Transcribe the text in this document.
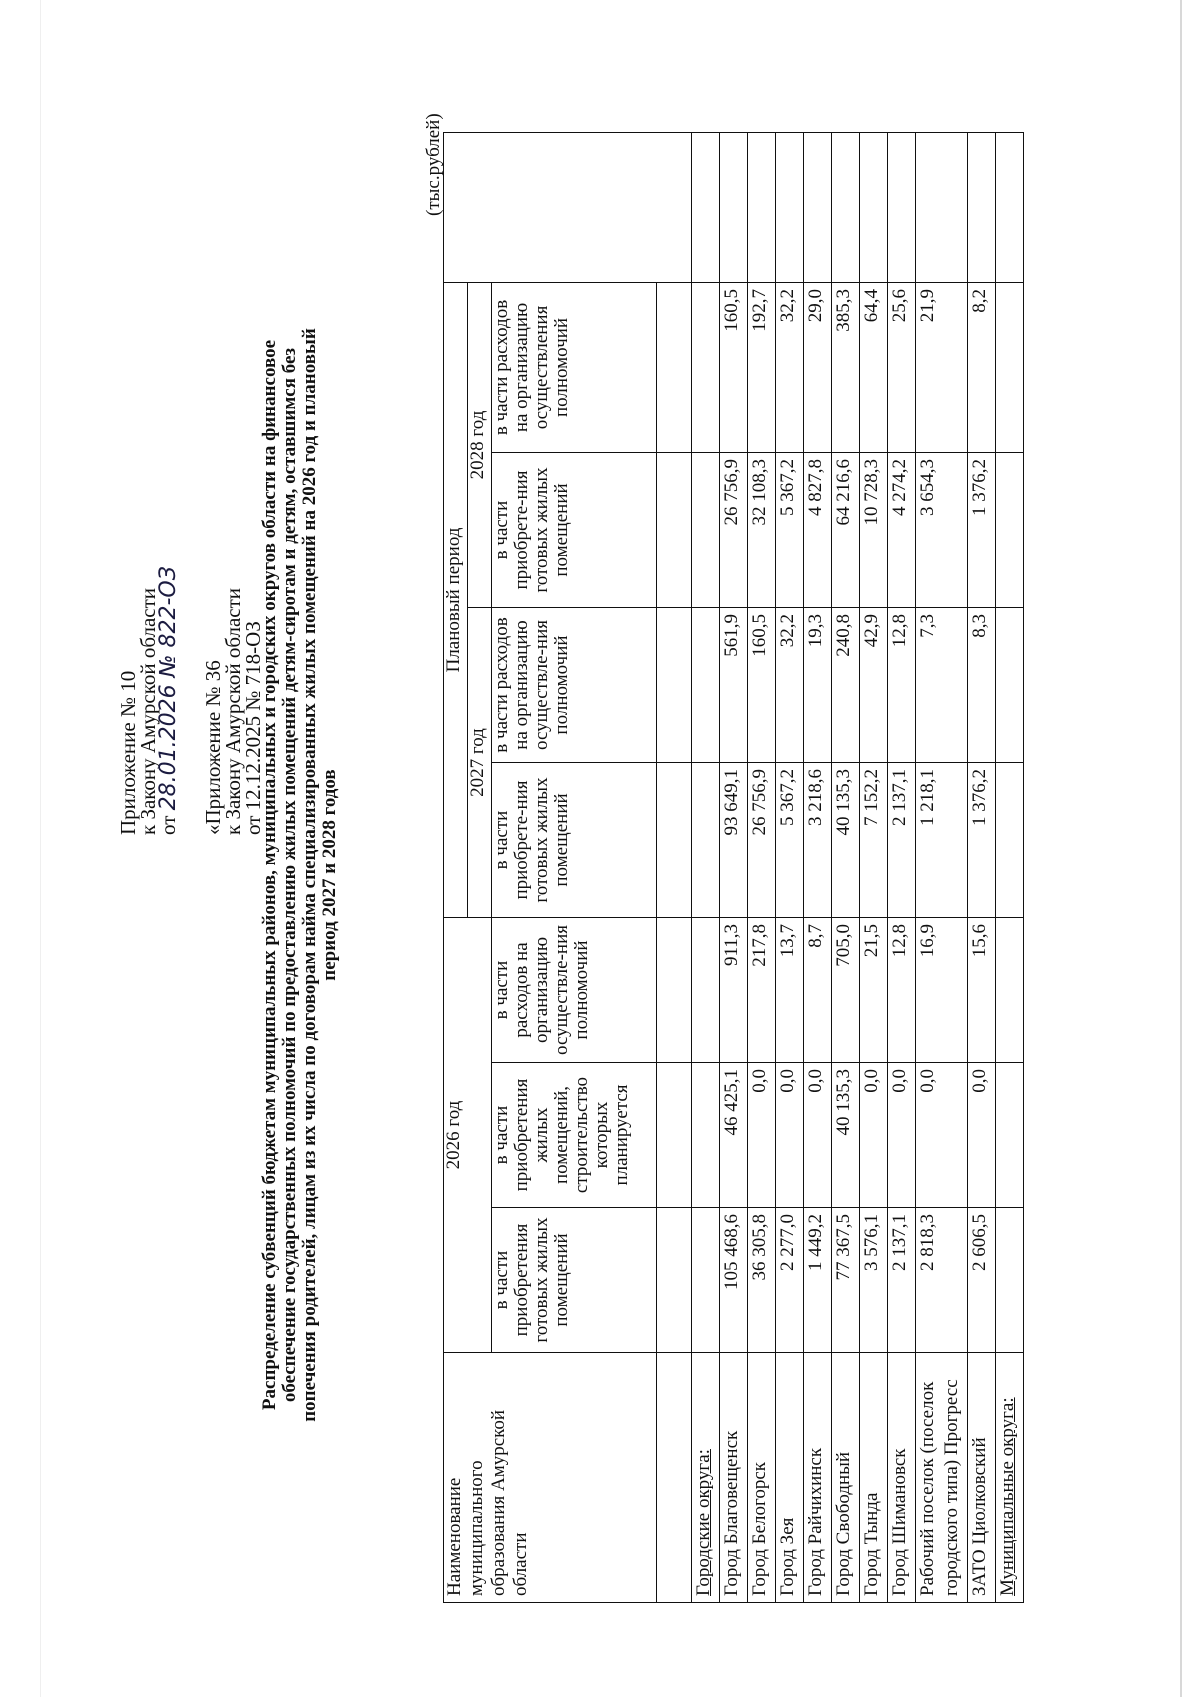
Приложение № 10
к Закону Амурской области
от 28.01.2026 № 822-ОЗ «Приложение № 36
к Закону Амурской области
от 12.12.2025 № 718-ОЗ
Распределение субвенций бюджетам муниципальных районов, муниципальных и городских округов области на финансовое обеспечение государственных полномочий по предоставлению жилых помещений детям-сиротам и детям, оставшимся без попечения родителей, лицам из их числа по договорам найма специализированных жилых помещений на 2026 год и плановый период 2027 и 2028 годов
(тыс.рублей)
Наименование муниципального образования Амурской области	2026 год			Плановый период				
				2027 год		2028 год		
	в части приобретения готовых жилых помещений	в части приобретения жилых помещений, строительство которых планируется	в части расходов на организацию осуществле-ния полномочий	в части приобрете-ния готовых жилых помещений	в части расходов на организацию осуществле-ния полномочий	в части приобрете-ния готовых жилых помещений	в части расходов на организацию осуществления полномочий	

Городские округа:								
Город Благовещенск	105 468,6	46 425,1	911,3	93 649,1	561,9	26 756,9	160,5	
Город Белогорск	36 305,8	0,0	217,8	26 756,9	160,5	32 108,3	192,7	
Город Зея	2 277,0	0,0	13,7	5 367,2	32,2	5 367,2	32,2	
Город Райчихинск	1 449,2	0,0	8,7	3 218,6	19,3	4 827,8	29,0	
Город Свободный	77 367,5	40 135,3	705,0	40 135,3	240,8	64 216,6	385,3	
Город Тында	3 576,1	0,0	21,5	7 152,2	42,9	10 728,3	64,4	
Город Шимановск	2 137,1	0,0	12,8	2 137,1	12,8	4 274,2	25,6	
Рабочий поселок (поселок городского типа) Прогресс	2 818,3	0,0	16,9	1 218,1	7,3	3 654,3	21,9	
ЗАТО Циолковский	2 606,5	0,0	15,6	1 376,2	8,3	1 376,2	8,2	
Муниципальные округа:								
